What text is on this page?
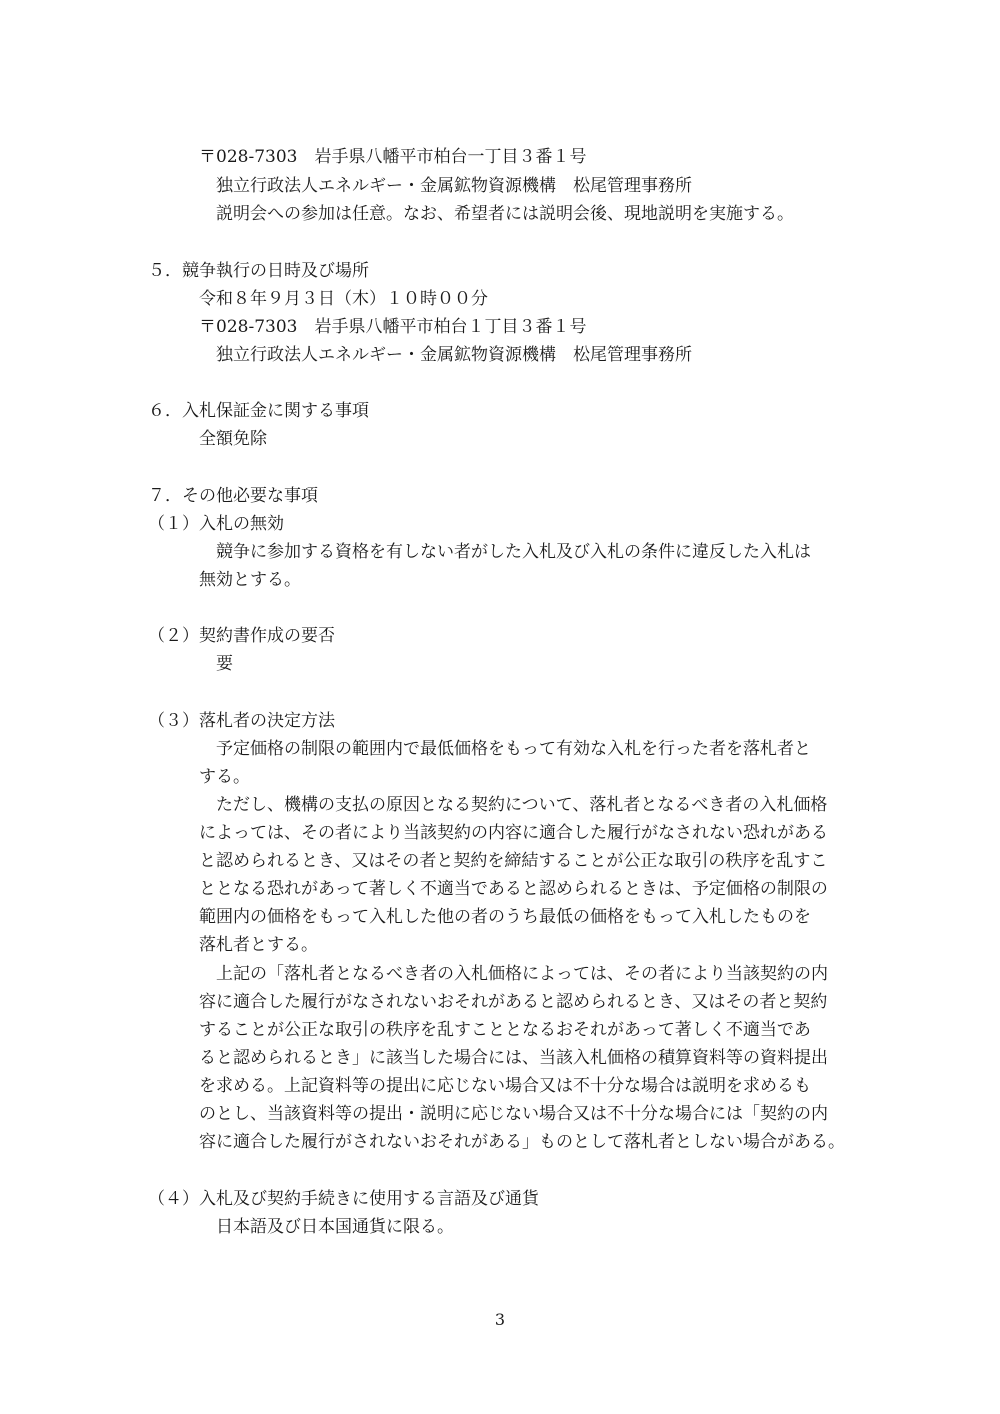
〒028-7303　岩手県八幡平市柏台一丁目３番１号
独立行政法人エネルギー・金属鉱物資源機構　松尾管理事務所
説明会への参加は任意。なお、希望者には説明会後、現地説明を実施する。
５．競争執行の日時及び場所
令和８年９月３日（木）１０時００分
〒028-7303　岩手県八幡平市柏台１丁目３番１号
独立行政法人エネルギー・金属鉱物資源機構　松尾管理事務所
６．入札保証金に関する事項
全額免除
７．その他必要な事項
（１）入札の無効
競争に参加する資格を有しない者がした入札及び入札の条件に違反した入札は
無効とする。
（２）契約書作成の要否
要
（３）落札者の決定方法
予定価格の制限の範囲内で最低価格をもって有効な入札を行った者を落札者と
する。
ただし、機構の支払の原因となる契約について、落札者となるべき者の入札価格
によっては、その者により当該契約の内容に適合した履行がなされない恐れがある
と認められるとき、又はその者と契約を締結することが公正な取引の秩序を乱すこ
ととなる恐れがあって著しく不適当であると認められるときは、予定価格の制限の
範囲内の価格をもって入札した他の者のうち最低の価格をもって入札したものを
落札者とする。
上記の「落札者となるべき者の入札価格によっては、その者により当該契約の内
容に適合した履行がなされないおそれがあると認められるとき、又はその者と契約
することが公正な取引の秩序を乱すこととなるおそれがあって著しく不適当であ
ると認められるとき」に該当した場合には、当該入札価格の積算資料等の資料提出
を求める。上記資料等の提出に応じない場合又は不十分な場合は説明を求めるも
のとし、当該資料等の提出・説明に応じない場合又は不十分な場合には「契約の内
容に適合した履行がされないおそれがある」ものとして落札者としない場合がある。
（４）入札及び契約手続きに使用する言語及び通貨
日本語及び日本国通貨に限る。
3
